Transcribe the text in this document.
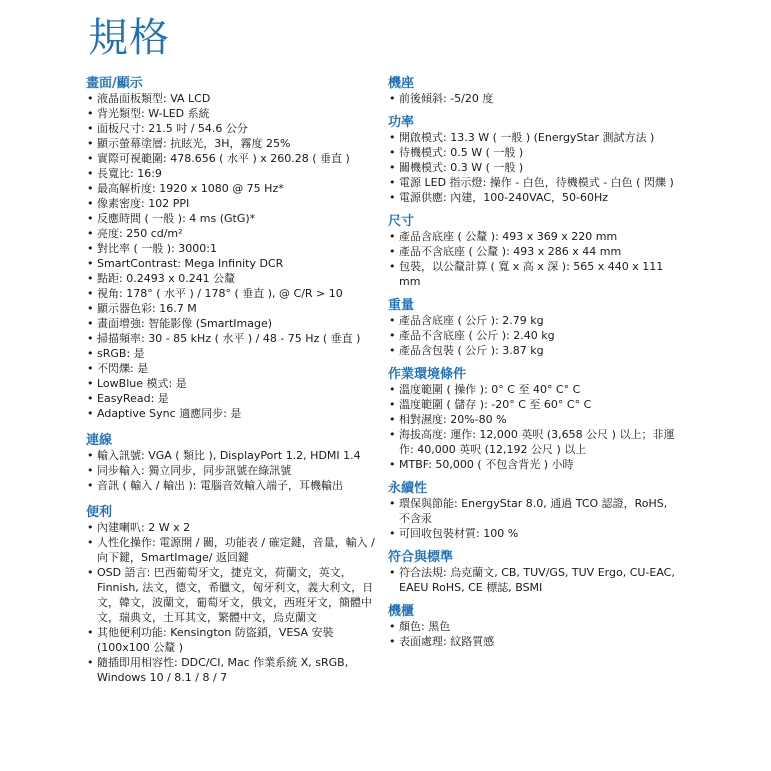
規格
畫面/顯示
• 液晶面板類型: VA LCD
• 背光類型: W-LED 系統
• 面板尺寸: 21.5 吋 / 54.6 公分
• 顯示螢幕塗層: 抗眩光，3H，霧度 25%
• 實際可視範圍: 478.656 ( 水平 ) x 260.28 ( 垂直 )
• 長寬比: 16:9
• 最高解析度: 1920 x 1080 @ 75 Hz*
• 像素密度: 102 PPI
• 反應時間 ( 一般 ): 4 ms (GtG)*
• 亮度: 250 cd/m²
• 對比率 ( 一般 ): 3000:1
• SmartContrast: Mega Infinity DCR
• 點距: 0.2493 x 0.241 公釐
• 視角: 178° ( 水平 ) / 178° ( 垂直 ), @ C/R > 10
• 顯示器色彩: 16.7 M
• 畫面增強: 智能影像 (SmartImage)
• 掃描頻率: 30 - 85 kHz ( 水平 ) / 48 - 75 Hz ( 垂直 )
• sRGB: 是
• 不閃爍: 是
• LowBlue 模式: 是
• EasyRead: 是
• Adaptive Sync 適應同步: 是
連線
• 輸入訊號: VGA ( 類比 ), DisplayPort 1.2, HDMI 1.4
• 同步輸入: 獨立同步，同步訊號在綠訊號
• 音訊 ( 輸入 / 輸出 ): 電腦音效輸入端子，耳機輸出
便利
• 內建喇叭: 2 W x 2
• 人性化操作: 電源開 / 關，功能表 / 確定鍵，音量，輸入 / 向下鍵，SmartImage/ 返回鍵
• OSD 語言: 巴西葡萄牙文，捷克文，荷蘭文，英文，Finnish, 法文，德文，希臘文，匈牙利文，義大利文，日文，韓文，波蘭文，葡萄牙文，俄文，西班牙文，簡體中文，瑞典文，土耳其文，繁體中文，烏克蘭文
• 其他便利功能: Kensington 防盜鎖，VESA 安裝 (100x100 公釐 )
• 隨插即用相容性: DDC/CI, Mac 作業系統 X, sRGB, Windows 10 / 8.1 / 8 / 7
機座
• 前後傾斜: -5/20 度
功率
• 開啟模式: 13.3 W ( 一般 ) (EnergyStar 測試方法 )
• 待機模式: 0.5 W ( 一般 )
• 關機模式: 0.3 W ( 一般 )
• 電源 LED 指示燈: 操作 - 白色，待機模式 - 白色 ( 閃爍 )
• 電源供應: 內建，100-240VAC，50-60Hz
尺寸
• 產品含底座 ( 公釐 ): 493 x 369 x 220 mm
• 產品不含底座 ( 公釐 ): 493 x 286 x 44 mm
• 包裝，以公釐計算 ( 寬 x 高 x 深 ): 565 x 440 x 111 mm
重量
• 產品含底座 ( 公斤 ): 2.79 kg
• 產品不含底座 ( 公斤 ): 2.40 kg
• 產品含包裝 ( 公斤 ): 3.87 kg
作業環境條件
• 溫度範圍 ( 操作 ): 0° C 至 40° C° C
• 溫度範圍 ( 儲存 ): -20° C 至 60° C° C
• 相對濕度: 20%-80 %
• 海拔高度: 運作: 12,000 英呎 (3,658 公尺 ) 以上；非運作: 40,000 英呎 (12,192 公尺 ) 以上
• MTBF: 50,000 ( 不包含背光 ) 小時
永續性
• 環保與節能: EnergyStar 8.0, 通過 TCO 認證，RoHS, 不含汞
• 可回收包裝材質: 100 %
符合與標準
• 符合法規: 烏克蘭文, CB, TUV/GS, TUV Ergo, CU-EAC, EAEU RoHS, CE 標誌, BSMI
機櫃
• 顏色: 黑色
• 表面處理: 紋路質感
